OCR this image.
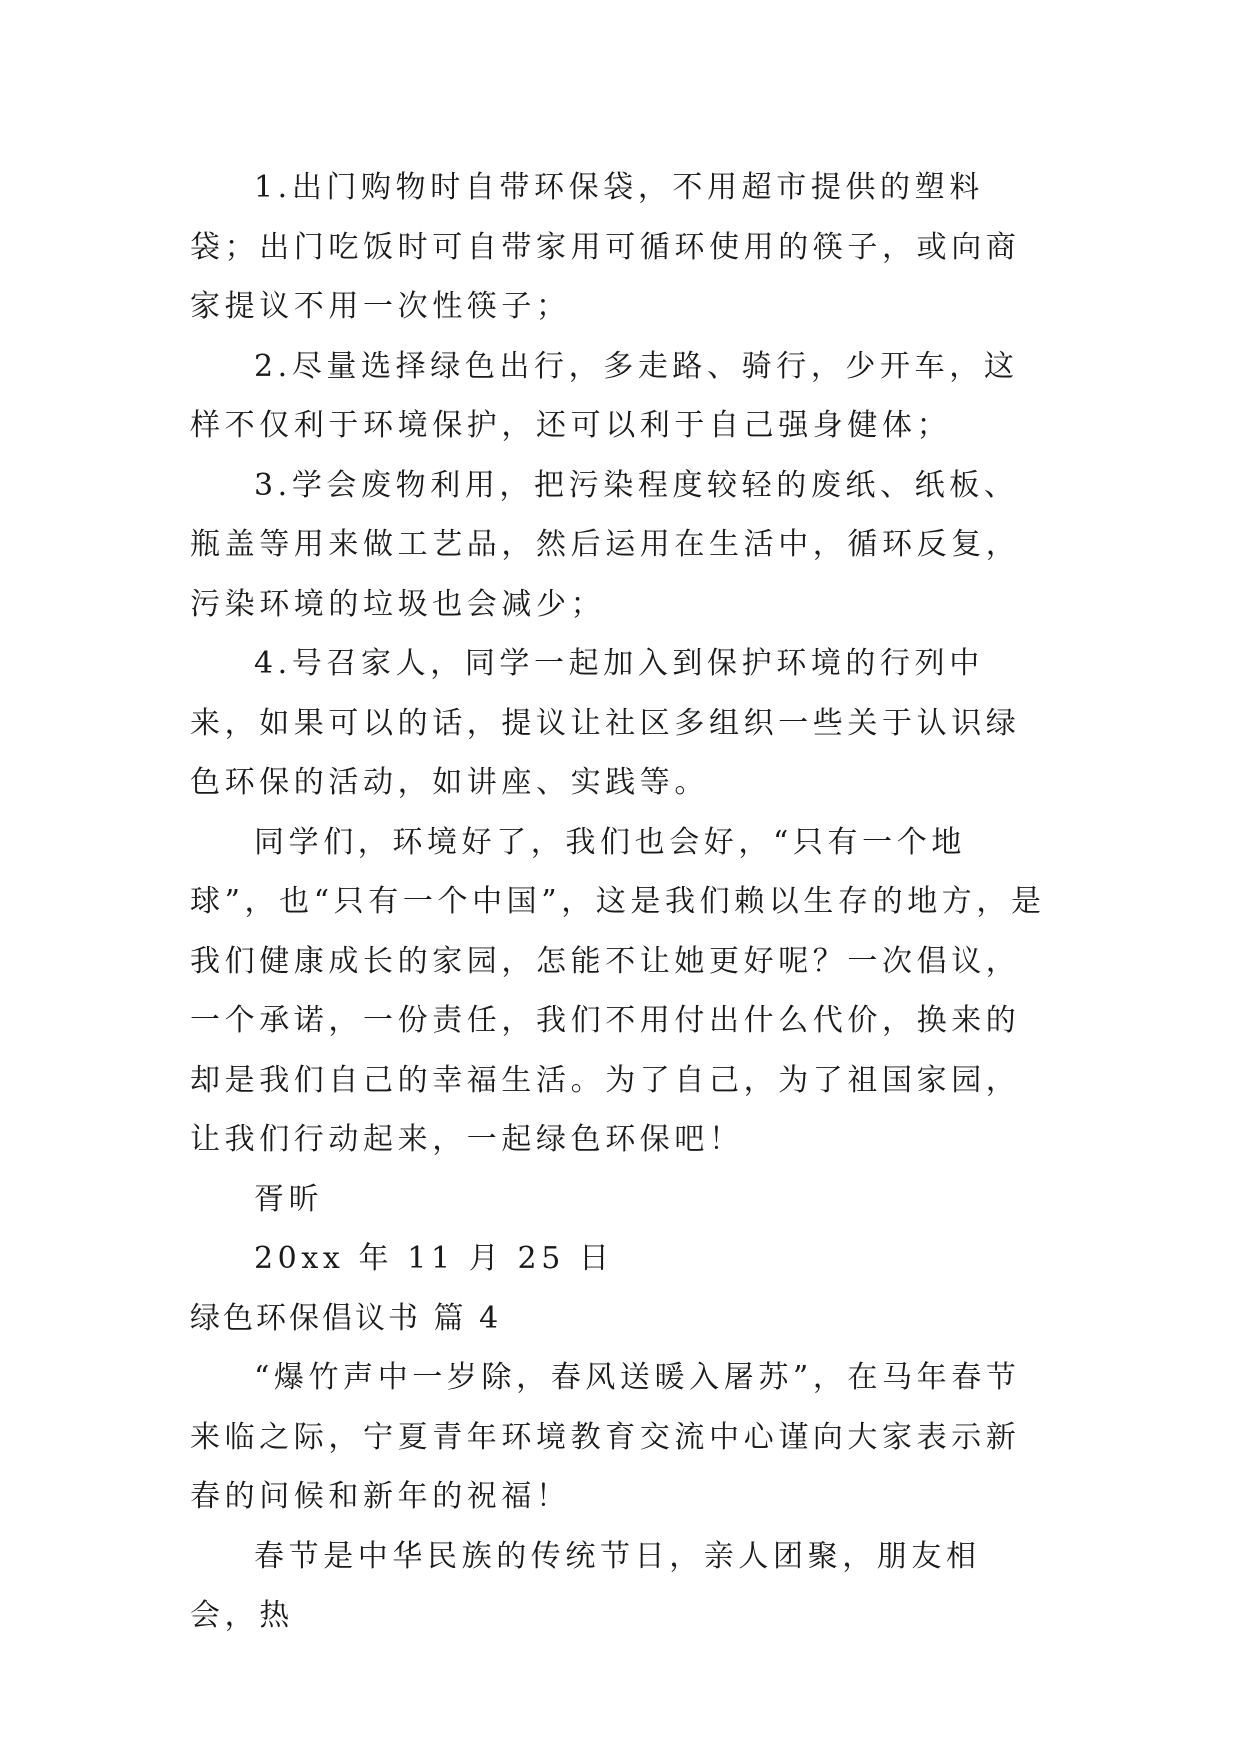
1.出门购物时自带环保袋，不用超市提供的塑料袋；出门吃饭时可自带家用可循环使用的筷子，或向商家提议不用一次性筷子；

2.尽量选择绿色出行，多走路、骑行，少开车，这样不仅利于环境保护，还可以利于自己强身健体；

3.学会废物利用，把污染程度较轻的废纸、纸板、瓶盖等用来做工艺品，然后运用在生活中，循环反复，污染环境的垃圾也会减少；

4.号召家人，同学一起加入到保护环境的行列中来，如果可以的话，提议让社区多组织一些关于认识绿色环保的活动，如讲座、实践等。

同学们，环境好了，我们也会好，“只有一个地球”，也“只有一个中国”，这是我们赖以生存的地方，是我们健康成长的家园，怎能不让她更好呢？一次倡议，一个承诺，一份责任，我们不用付出什么代价，换来的却是我们自己的幸福生活。为了自己，为了祖国家园，让我们行动起来，一起绿色环保吧！

胥昕

20xx 年 11 月 25 日

绿色环保倡议书 篇 4

“爆竹声中一岁除，春风送暖入屠苏”，在马年春节来临之际，宁夏青年环境教育交流中心谨向大家表示新春的问候和新年的祝福！

春节是中华民族的传统节日，亲人团聚，朋友相会，热
